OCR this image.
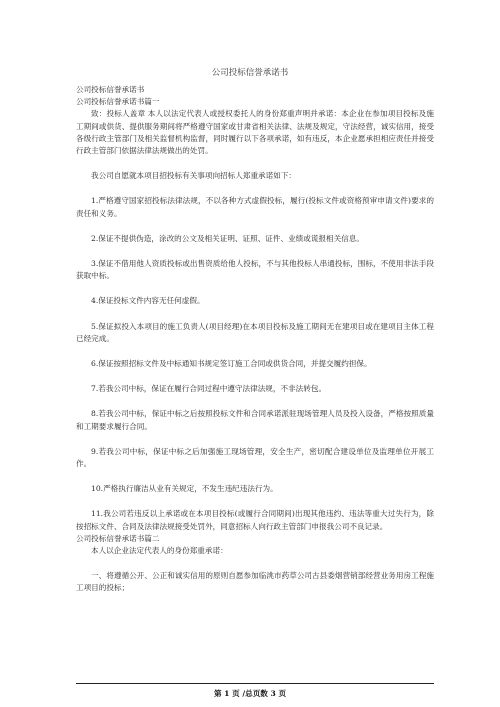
公司投标信誉承诺书

公司投标信誉承诺书

公司投标信誉承诺书篇一

致：投标人盖章 本人以法定代表人或授权委托人的身份郑重声明并承诺：本企业在参加项目投标及施工期间或供货、提供服务期间将严格遵守国家或甘肃省相关法律、法规及规定，守法经营，诚实信用，接受各级行政主管部门及相关监督机构监督，同时履行以下各项承诺，如有违反，本企业愿承担相应责任并接受行政主管部门依据法律法规做出的处罚。

我公司自愿就本项目招投标有关事项向招标人郑重承诺如下：

1.严格遵守国家招投标法律法规，不以各种方式虚假投标，履行(投标文件或资格预审申请文件)要求的责任和义务。

2.保证不提供伪造，涂改的公文及相关证明、证照、证件、业绩或谎报相关信息。

3.保证不借用他人资质投标或出售资质给他人投标，不与其他投标人串通投标，围标，不使用非法手段获取中标。

4.保证投标文件内容无任何虚假。

5.保证拟投入本项目的施工负责人(项目经理)在本项目投标及施工期间无在建项目或在建项目主体工程已经完成。

6.保证按照招标文件及中标通知书规定签订施工合同或供货合同，并提交履约担保。

7.若我公司中标，保证在履行合同过程中遵守法律法规，不非法转包。

8.若我公司中标，保证中标之后按照投标文件和合同承诺派驻现场管理人员及投入设备，严格按照质量和工期要求履行合同。

9.若我公司中标，保证中标之后加强施工现场管理，安全生产，密切配合建设单位及监理单位开展工作。

10.严格执行廉洁从业有关规定，不发生违纪违法行为。

11.我公司若违反以上承诺或在本项目投标(或履行合同期间)出现其他违约、违法等重大过失行为，除按招标文件、合同及法律法规接受处罚外，同意招标人向行政主管部门申报我公司不良记录。

公司投标信誉承诺书篇二

本人以企业法定代表人的身份郑重承诺：

一、将遵循公开、公正和诚实信用的原则自愿参加临洮市药草公司古县委烟营销部经营业务用房工程施工项目的投标；

第 1 页 /总页数 3 页
